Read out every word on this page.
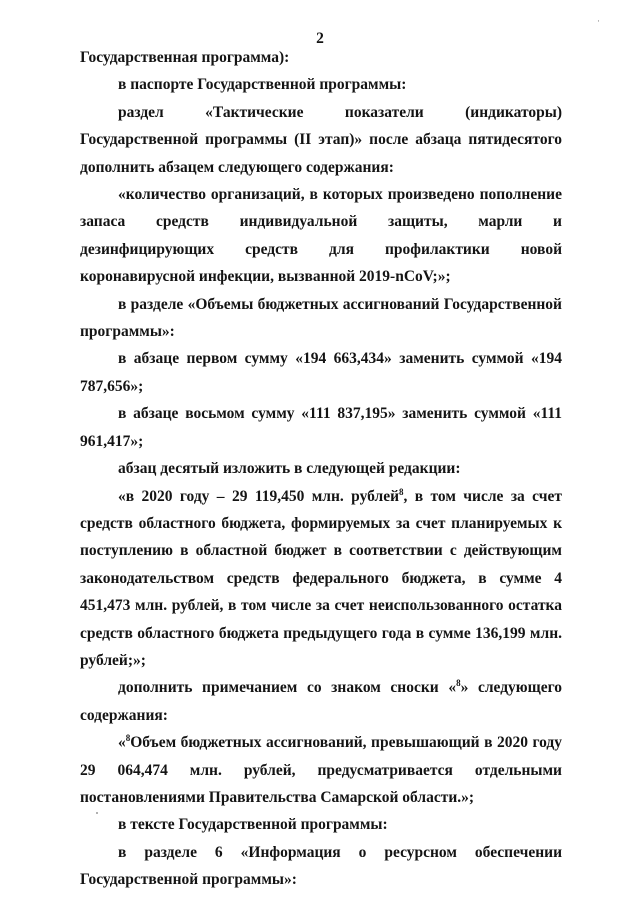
·
2

Государственная программа):

в паспорте Государственной программы:

раздел «Тактические показатели (индикаторы) Государственной программы (II этап)» после абзаца пятидесятого дополнить абзацем следующего содержания:

«количество организаций, в которых произведено пополнение запаса средств индивидуальной защиты, марли и дезинфицирующих средств для профилактики новой коронавирусной инфекции, вызванной 2019-nCoV;»;

в разделе «Объемы бюджетных ассигнований Государственной программы»:

в абзаце первом сумму «194 663,434» заменить суммой «194 787,656»;

в абзаце восьмом сумму «111 837,195» заменить суммой «111 961,417»;

абзац десятый изложить в следующей редакции:

«в 2020 году – 29 119,450 млн. рублей$^8$, в том числе за счет средств областного бюджета, формируемых за счет планируемых к поступлению в областной бюджет в соответствии с действующим законодательством средств федерального бюджета, в сумме 4 451,473 млн. рублей, в том числе за счет неиспользованного остатка средств областного бюджета предыдущего года в сумме 136,199 млн. рублей;»;

дополнить примечанием со знаком сноски «$^8$» следующего содержания:

«$^8$Объем бюджетных ассигнований, превышающий в 2020 году 29 064,474 млн. рублей, предусматривается отдельными постановлениями Правительства Самарской области.»;

в тексте Государственной программы:

в разделе 6 «Информация о ресурсном обеспечении Государственной программы»:
